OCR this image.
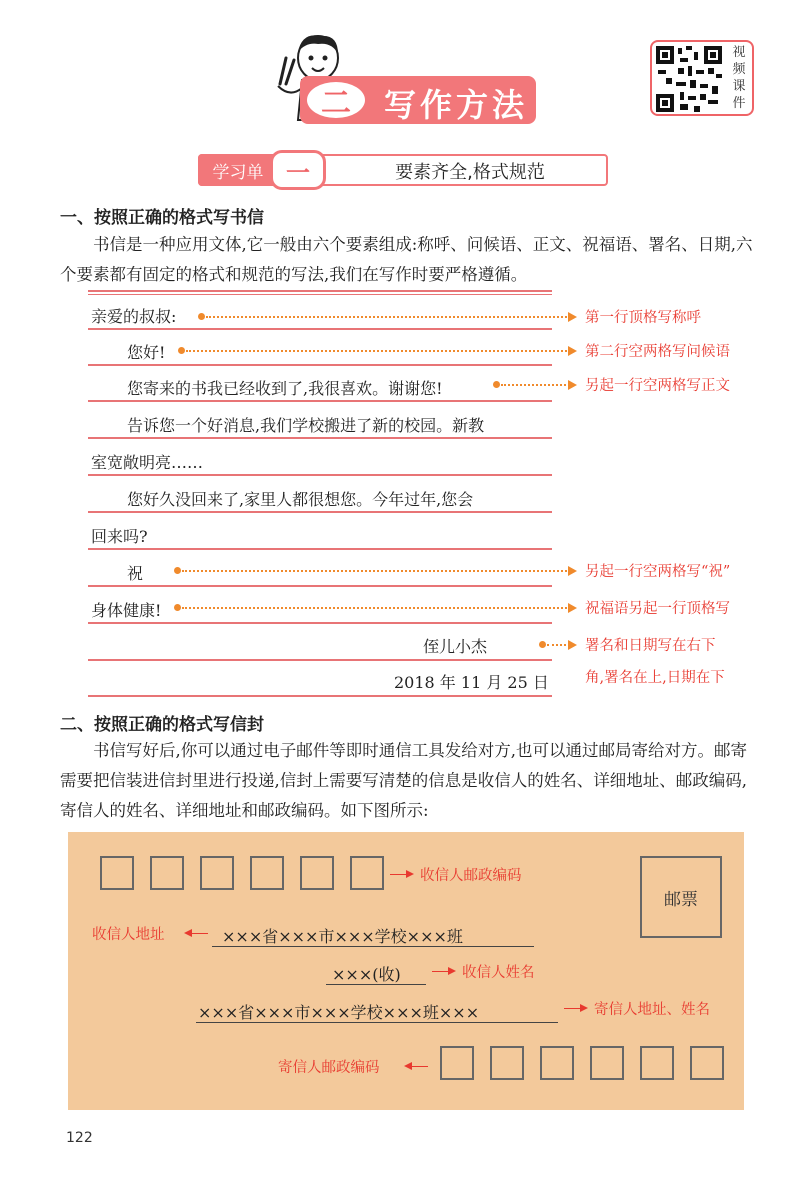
二	写作方法
视频课件
学习单 一	要素齐全,格式规范
一、按照正确的格式写书信
书信是一种应用文体,它一般由六个要素组成:称呼、问候语、正文、祝福语、署名、日期,六个要素都有固定的格式和规范的写法,我们在写作时要严格遵循。
亲爱的叔叔:
您好!
您寄来的书我已经收到了,我很喜欢。谢谢您!
告诉您一个好消息,我们学校搬进了新的校园。新教
室宽敞明亮……
您好久没回来了,家里人都很想您。今年过年,您会
回来吗?
祝
身体健康!
侄儿小杰
2018 年 11 月 25 日
第一行顶格写称呼
第二行空两格写问候语
另起一行空两格写正文
另起一行空两格写“祝”
祝福语另起一行顶格写
署名和日期写在右下
角,署名在上,日期在下
二、按照正确的格式写信封
书信写好后,你可以通过电子邮件等即时通信工具发给对方,也可以通过邮局寄给对方。邮寄需要把信装进信封里进行投递,信封上需要写清楚的信息是收信人的姓名、详细地址、邮政编码,寄信人的姓名、详细地址和邮政编码。如下图所示:
收信人邮政编码
邮票
收信人地址	×××省×××市×××学校×××班
×××(收)	收信人姓名
×××省×××市×××学校×××班×××	寄信人地址、姓名
寄信人邮政编码
122
